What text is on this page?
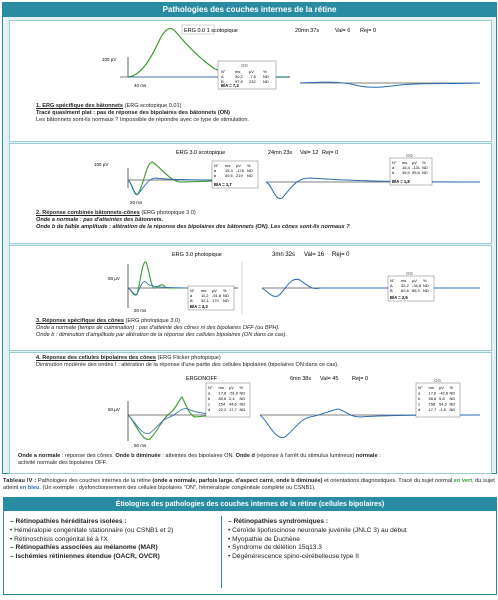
Pathologies des couches internes de la rétine
ERG 0.0 1 scotopique	20mn 37s	Val= 6 Rej= 0
100 µV
40 ms
OG
N° ms µV %
A	30,2 -7,5 ND
B	97,9 232 ND
B/A = 7,3
1. ERG spécifique des bâtonnets (ERG scotopique 0.01)
Tracé quasiment plat : pas de réponse des bipolaires des bâtonnets (ON)
Les bâtonnets sont-ils normaux ? Impossible de répondre avec ce type de stimulation.
ERG 3.0 scotopique	24mn 23s Val= 12 Rej= 0
100 µV
20 ms
N° ms µV %
a 15,3 -176 ND
b 49,5 219 ND
B/A = 1,7
OG
N° ms µV %
a 16,3 -131 ND
b 45,9 95,6 ND
B/A = 1,8
2. Réponse combinée bâtonnets-cônes (ERG photopique 3.0)
Onde a normale : pas d'atteintes des bâtonnets.
Onde b de faible amplitude : altération de la réponse des bipolaires des bâtonnets (ON). Les cônes sont-ils normaux ?
ERG 3.0 photopique	3mn 32s Val= 16 Rej= 0
50 µV
20 ms
N° ms µV %
a 11,2 -51,8 ND
B 32,1 170 ND
B/A = 3,3
OG
N° ms µV %
A 32,2 -34,8 ND
B 62,6 85,3 ND
B/A = 2,5
3. Réponse spécifique des cônes (ERG photopique 3.0)
Onde a normale (temps de culmination) : pas d'atteinte des cônes ni des bipolaires OFF (ou BPH).
Onde b : diminution d'amplitude par altération de la réponse des cellules bipolaires (ON dans ce cas).
4. Réponse des cellules bipolaires des cônes (ERG Flicker photopique)
Diminution modérée des ondes I : altération de la réponse d'une partie des cellules bipolaires (bipolaires ON dans ce cas).
ERGONOFF	6mn 38s Val= 45 Rej= 0
50 µV
50 ms
N° ms µV %
a 17,8 -51,0 ND
b 80,6 2,4 ND
c 154 44,6 ND
d 22,2 17,7 ND
OG
N° ms µV %
a 17,6 -42,6 ND
b 55,6 5,8 ND
c 158 54,3 ND
d 17,7 -1,5 ND
Onde a normale : réponse des cônes. Onde b diminuée : atteintes des bipolaires ON. Onde d (réponse à l'arrêt du stimulus lumineux) normale :
activité normale des bipolaires OFF.
Tableau IV : Pathologies des couches internes de la rétine (onde a normale, parfois large, d'aspect carré, onde b diminuée) et orientations diagnostiques. Tracé du sujet normal en vert, du sujet atteint en bleu. (Un exemple : dysfonctionnement des cellules bipolaires "ON", héméralopie congénitale complète ou CSNB1).
Étiologies des pathologies des couches internes de la rétine (cellules bipolaires)
– Rétinopathies héréditaires isolées :
• Héméralopie congénitale stationnaire (ou CSNB1 et 2)
• Rétinoschisis congénital lié à l'X
– Rétinopathies associées au mélanome (MAR)
– Ischémies rétiniennes étendue (OACR, OVCR)
– Rétinopathies syndromiques :
• Céroïde lipofuscinose neuronale juvénile (JNLC 3) au début
• Myopathie de Duchène
• Syndrome de délétion 15q13.3
• Dégénérescence spino-cérébelleuse type II
